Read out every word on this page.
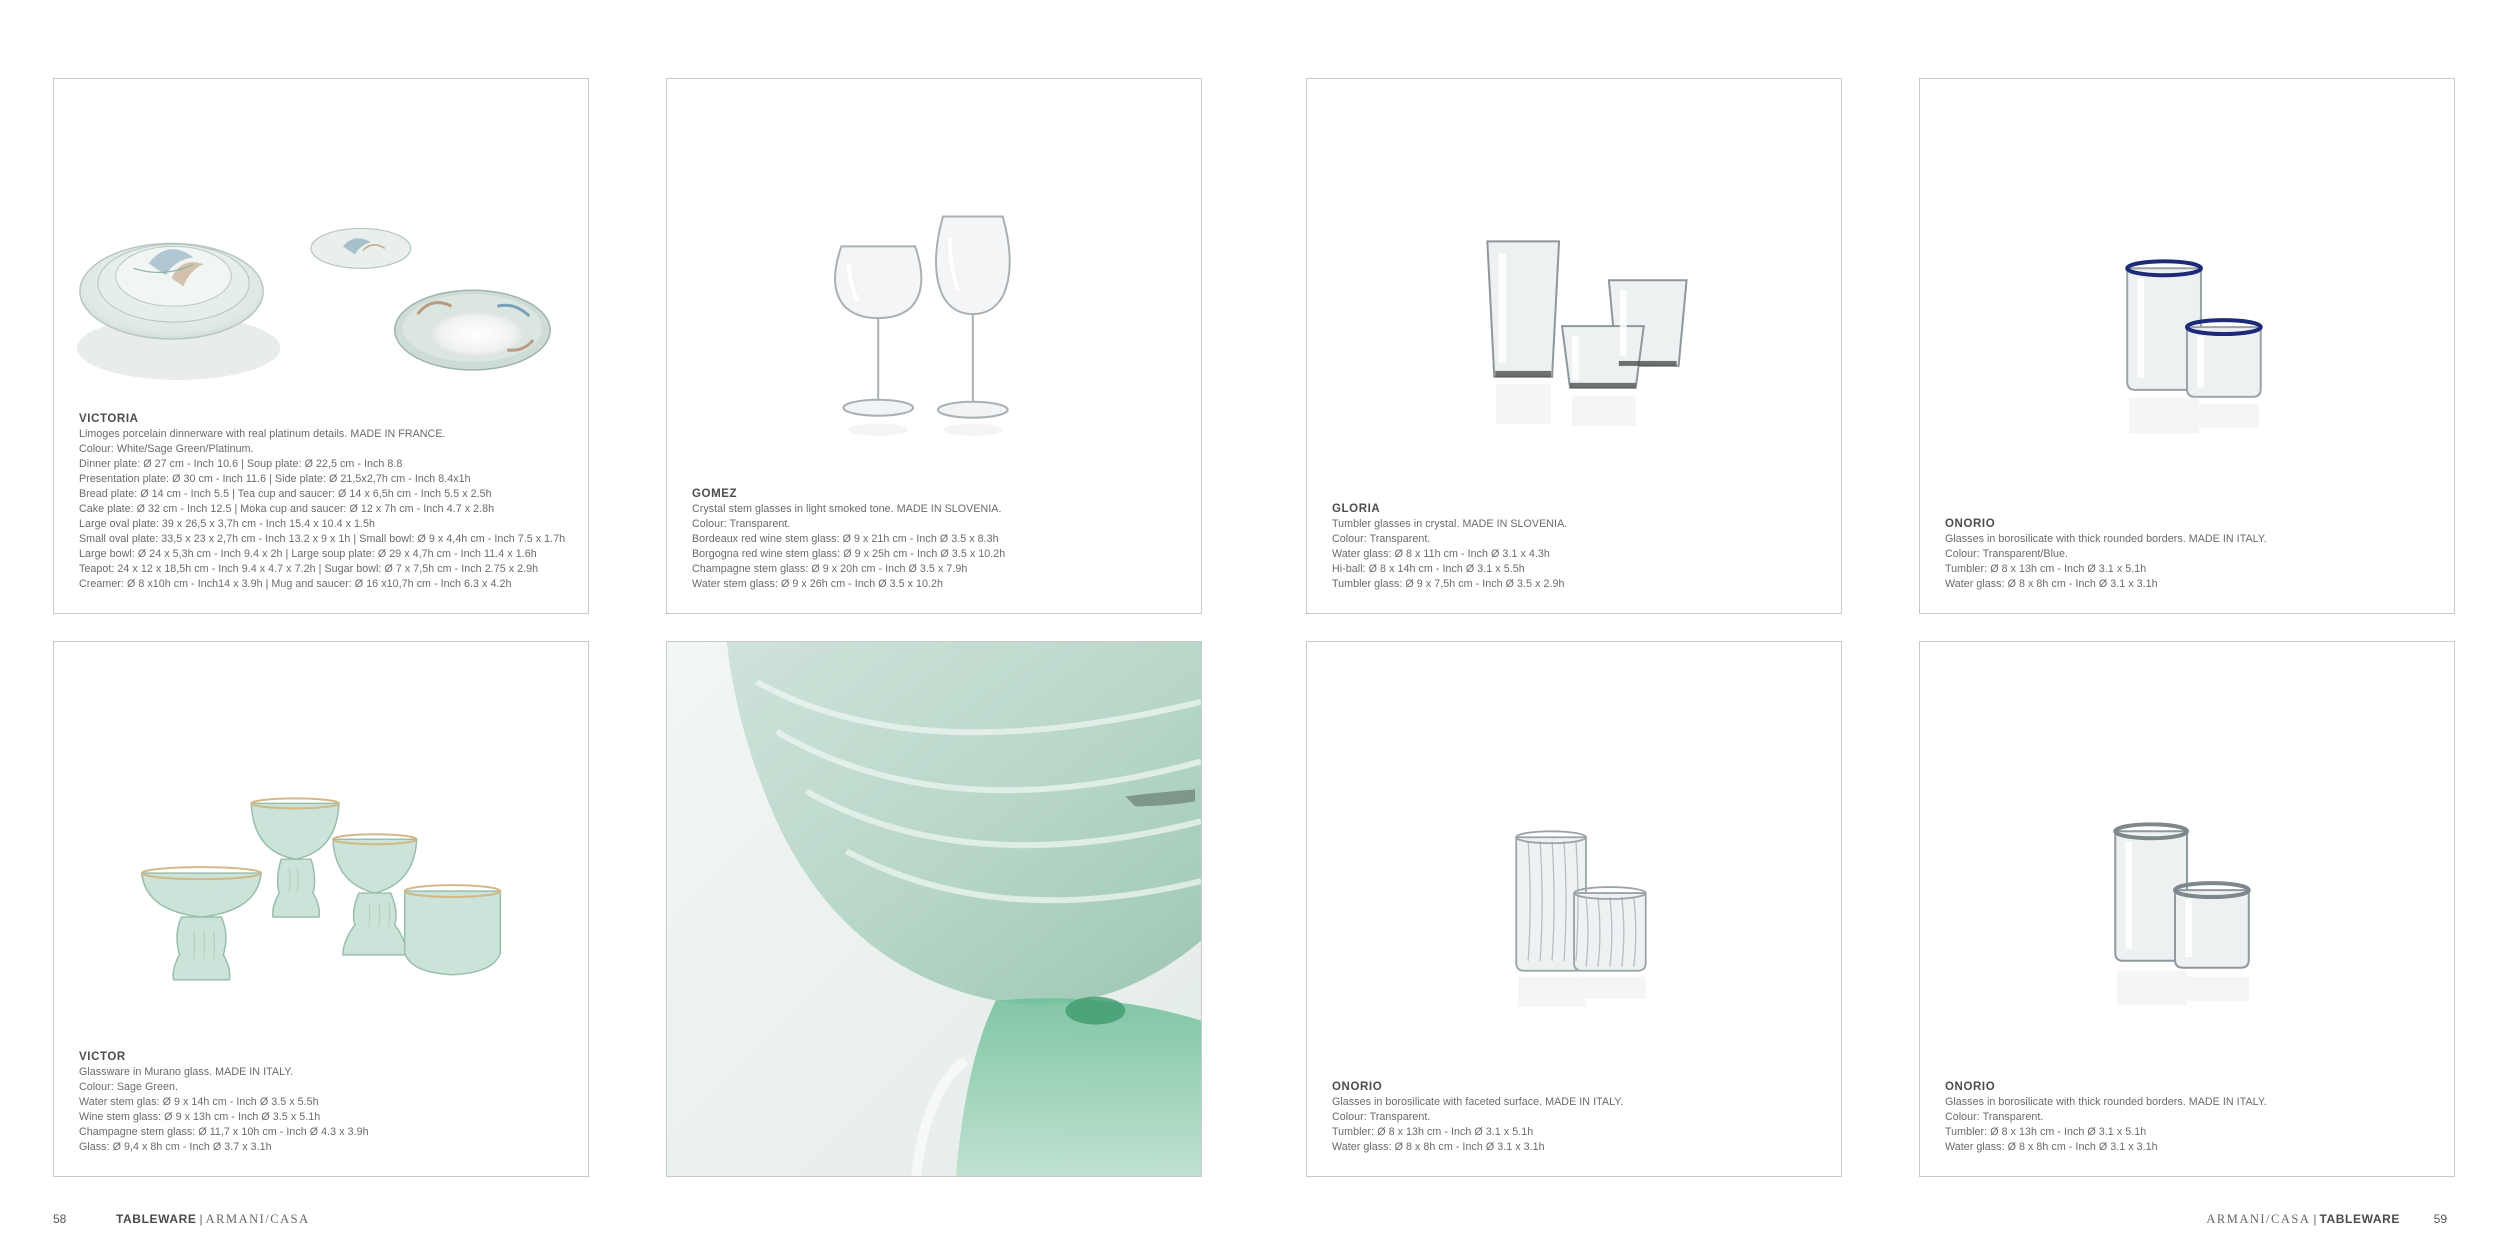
VICTORIA
Limoges porcelain dinnerware with real platinum details. MADE IN FRANCE.
Colour: White/Sage Green/Platinum.
Dinner plate: Ø 27 cm - Inch 10.6 | Soup plate: Ø 22,5 cm - Inch 8.8
Presentation plate: Ø 30 cm - Inch 11.6 | Side plate: Ø 21,5x2,7h cm - Inch 8.4x1h
Bread plate: Ø 14 cm - Inch 5.5 | Tea cup and saucer: Ø 14 x 6,5h cm - Inch 5.5 x 2.5h
Cake plate: Ø 32 cm - Inch 12.5 | Moka cup and saucer: Ø 12 x 7h cm - Inch 4.7 x 2.8h
Large oval plate: 39 x 26,5 x 3,7h cm - Inch 15.4 x 10.4 x 1.5h
Small oval plate: 33,5 x 23 x 2,7h cm - Inch 13.2 x 9 x 1h | Small bowl: Ø 9 x 4,4h cm - Inch 7.5 x 1.7h
Large bowl: Ø 24 x 5,3h cm - Inch 9.4 x 2h | Large soup plate: Ø 29 x 4,7h cm - Inch 11.4 x 1.6h
Teapot: 24 x 12 x 18,5h cm - Inch 9.4 x 4.7 x 7.2h | Sugar bowl: Ø 7 x 7,5h cm - Inch 2.75 x 2.9h
Creamer: Ø 8 x10h cm - Inch14 x 3.9h | Mug and saucer: Ø 16 x10,7h cm - Inch 6.3 x 4.2h
GOMEZ
Crystal stem glasses in light smoked tone. MADE IN SLOVENIA.
Colour: Transparent.
Bordeaux red wine stem glass: Ø 9 x 21h cm - Inch Ø 3.5 x 8.3h
Borgogna red wine stem glass: Ø 9 x 25h cm - Inch Ø 3.5 x 10.2h
Champagne stem glass: Ø 9 x 20h cm - Inch Ø 3.5 x 7.9h
Water stem glass: Ø 9 x 26h cm - Inch Ø 3.5 x 10.2h
GLORIA
Tumbler glasses in crystal. MADE IN SLOVENIA.
Colour: Transparent.
Water glass: Ø 8 x 11h cm - Inch Ø 3.1 x 4.3h
Hi-ball: Ø 8 x 14h cm - Inch Ø 3.1 x 5.5h
Tumbler glass: Ø 9 x 7,5h cm - Inch Ø 3.5 x 2.9h
ONORIO
Glasses in borosilicate with thick rounded borders. MADE IN ITALY.
Colour: Transparent/Blue.
Tumbler: Ø 8 x 13h cm - Inch Ø 3.1 x 5.1h
Water glass: Ø 8 x 8h cm - Inch Ø 3.1 x 3.1h
VICTOR
Glassware in Murano glass. MADE IN ITALY.
Colour: Sage Green.
Water stem glas: Ø 9 x 14h cm - Inch Ø 3.5 x 5.5h
Wine stem glass: Ø 9 x 13h cm - Inch Ø 3.5 x 5.1h
Champagne stem glass: Ø 11,7 x 10h cm - Inch Ø 4.3 x 3.9h
Glass: Ø 9,4 x 8h cm - Inch Ø 3.7 x 3.1h
ONORIO
Glasses in borosilicate with faceted surface. MADE IN ITALY.
Colour: Transparent.
Tumbler: Ø 8 x 13h cm - Inch Ø 3.1 x 5.1h
Water glass: Ø 8 x 8h cm - Inch Ø 3.1 x 3.1h
ONORIO
Glasses in borosilicate with thick rounded borders. MADE IN ITALY.
Colour: Transparent.
Tumbler: Ø 8 x 13h cm - Inch Ø 3.1 x 5.1h
Water glass: Ø 8 x 8h cm - Inch Ø 3.1 x 3.1h
58	TABLEWARE | ARMANI/CASA	ARMANI/CASA | TABLEWARE	59
